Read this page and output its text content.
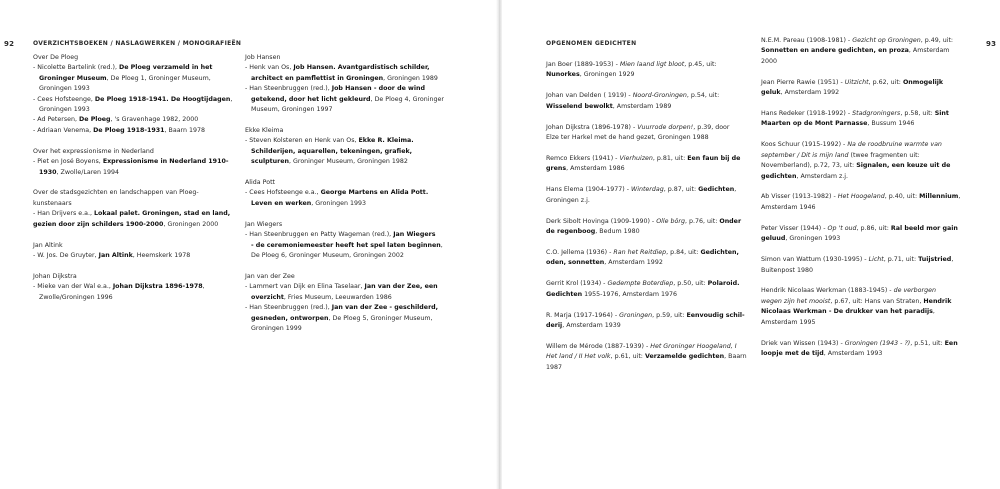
92	OVERZICHTSBOEKEN / NASLAGWERKEN / MONOGRAFIEËN
Over De Ploeg
- Nicolette Bartelink (red.), De Ploeg verzameld in het
Groninger Museum, De Ploeg 1, Groninger Museum,
Groningen 1993
- Cees Hofsteenge, De Ploeg 1918-1941. De Hoogtijdagen,
Groningen 1993
- Ad Petersen, De Ploeg, 's Gravenhage 1982, 2000
- Adriaan Venema, De Ploeg 1918-1931, Baarn 1978
Over het expressionisme in Nederland
- Piet en José Boyens, Expressionisme in Nederland 1910-
1930, Zwolle/Laren 1994
Over de stadsgezichten en landschappen van Ploeg-
kunstenaars
- Han Drijvers e.a., Lokaal palet. Groningen, stad en land,
gezien door zijn schilders 1900-2000, Groningen 2000
Jan Altink
- W. Jos. De Gruyter, Jan Altink, Heemskerk 1978
Johan Dijkstra
- Mieke van der Wal e.a., Johan Dijkstra 1896-1978,
Zwolle/Groningen 1996
Job Hansen
- Henk van Os, Job Hansen. Avantgardistisch schilder,
architect en pamflettist in Groningen, Groningen 1989
- Han Steenbruggen (red.), Job Hansen - door de wind
getekend, door het licht gekleurd, De Ploeg 4, Groninger
Museum, Groningen 1997
Ekke Kleima
- Steven Kolsteren en Henk van Os, Ekke R. Kleima.
Schilderijen, aquarellen, tekeningen, grafiek,
sculpturen, Groninger Museum, Groningen 1982
Alida Pott
- Cees Hofsteenge e.a., George Martens en Alida Pott.
Leven en werken, Groningen 1993
Jan Wiegers
- Han Steenbruggen en Patty Wageman (red.), Jan Wiegers
- de ceremoniemeester heeft het spel laten beginnen,
De Ploeg 6, Groninger Museum, Groningen 2002
Jan van der Zee
- Lammert van Dijk en Elina Taselaar, Jan van der Zee, een
overzicht, Fries Museum, Leeuwarden 1986
- Han Steenbruggen (red.), Jan van der Zee - geschilderd,
gesneden, ontworpen, De Ploeg 5, Groninger Museum,
Groningen 1999
OPGENOMEN GEDICHTEN	93
Jan Boer (1889-1953) - Mien laand ligt bloot, p.45, uit:
Nunorkes, Groningen 1929
Johan van Delden ( 1919) - Noord-Groningen, p.54, uit:
Wisselend bewolkt, Amsterdam 1989
Johan Dijkstra (1896-1978) - Vuurrode dorpen!, p.39, door
Elze ter Harkel met de hand gezet, Groningen 1988
Remco Ekkers (1941) - Vierhuizen, p.81, uit: Een faun bij de
grens, Amsterdam 1986
Hans Elema (1904-1977) - Winterdag, p.87, uit: Gedichten,
Groningen z.j.
Derk Sibolt Hovinga (1909-1990) - Olle börg, p.76, uit: Onder
de regenboog, Bedum 1980
C.O. Jellema (1936) - Ran het Reitdiep, p.84, uit: Gedichten,
oden, sonnetten, Amsterdam 1992
Gerrit Krol (1934) - Gedempte Boterdiep, p.50, uit: Polaroid.
Gedichten 1955-1976, Amsterdam 1976
R. Marja (1917-1964) - Groningen, p.59, uit: Eenvoudig schil-
derij, Amsterdam 1939
Willem de Mérode (1887-1939) - Het Groninger Hoogeland, I
Het land / II Het volk, p.61, uit: Verzamelde gedichten, Baarn
1987
N.E.M. Pareau (1908-1981) - Gezicht op Groningen, p.49, uit:
Sonnetten en andere gedichten, en proza, Amsterdam
2000
Jean Pierre Rawie (1951) - Uitzicht, p.62, uit: Onmogelijk
geluk, Amsterdam 1992
Hans Redeker (1918-1992) - Stadgroningers, p.58, uit: Sint
Maarten op de Mont Parnasse, Bussum 1946
Koos Schuur (1915-1992) - Na de roodbruine warmte van
september / Dit is mijn land (twee fragmenten uit:
Novemberland), p.72, 73, uit: Signalen, een keuze uit de
gedichten, Amsterdam z.j.
Ab Visser (1913-1982) - Het Hoogeland, p.40, uit: Millennium,
Amsterdam 1946
Peter Visser (1944) - Op 't oud, p.86, uit: Ral beeld mor gain
geluud, Groningen 1993
Simon van Wattum (1930-1995) - Licht, p.71, uit: Tuijstried,
Buitenpost 1980
Hendrik Nicolaas Werkman (1883-1945) - de verborgen
wegen zijn het mooist, p.67, uit: Hans van Straten, Hendrik
Nicolaas Werkman - De drukker van het paradijs,
Amsterdam 1995
Driek van Wissen (1943) - Groningen (1943 - ?), p.51, uit: Een
loopje met de tijd, Amsterdam 1993
